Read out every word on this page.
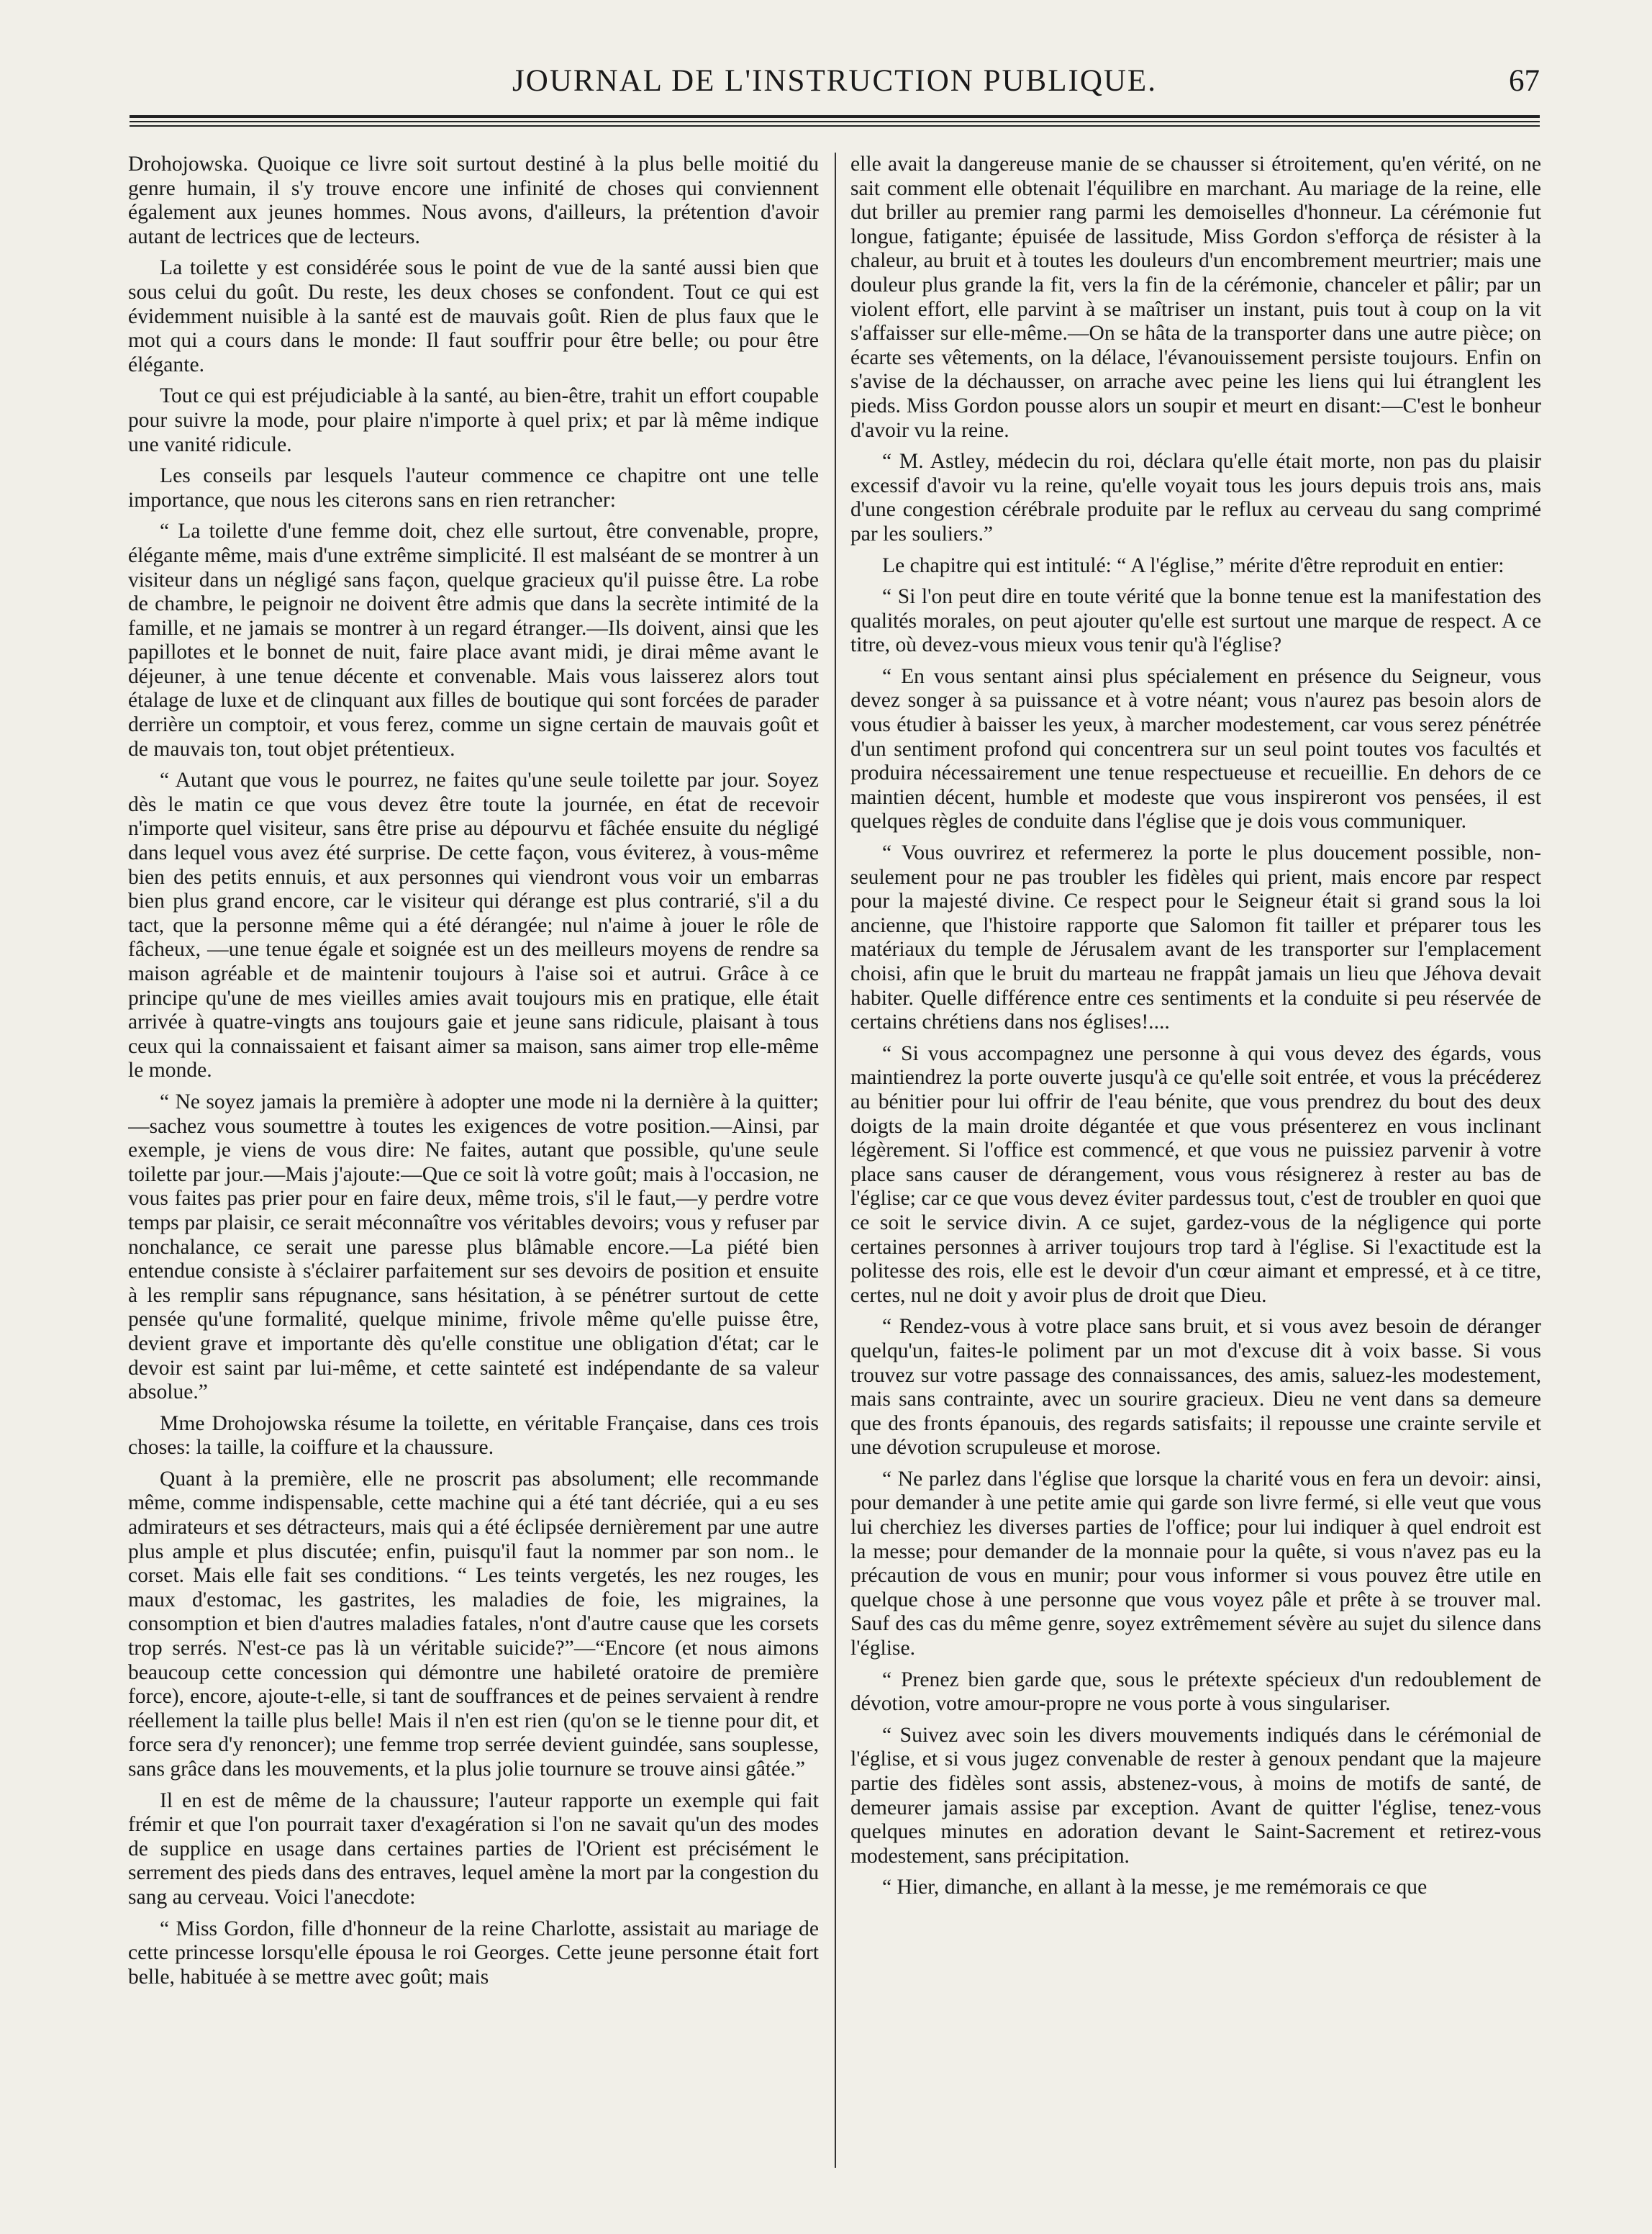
JOURNAL DE L'INSTRUCTION PUBLIQUE.	67

Drohojowska. Quoique ce livre soit surtout destiné à la plus belle moitié du genre humain, il s'y trouve encore une infinité de choses qui conviennent également aux jeunes hommes. Nous avons, d'ailleurs, la prétention d'avoir autant de lectrices que de lecteurs.

La toilette y est considérée sous le point de vue de la santé aussi bien que sous celui du goût. Du reste, les deux choses se confondent. Tout ce qui est évidemment nuisible à la santé est de mauvais goût. Rien de plus faux que le mot qui a cours dans le monde: Il faut souffrir pour être belle; ou pour être élégante.

Tout ce qui est préjudiciable à la santé, au bien-être, trahit un effort coupable pour suivre la mode, pour plaire n'importe à quel prix; et par là même indique une vanité ridicule.

Les conseils par lesquels l'auteur commence ce chapitre ont une telle importance, que nous les citerons sans en rien retrancher:

“ La toilette d'une femme doit, chez elle surtout, être convenable, propre, élégante même, mais d'une extrême simplicité. Il est malséant de se montrer à un visiteur dans un négligé sans façon, quelque gracieux qu'il puisse être. La robe de chambre, le peignoir ne doivent être admis que dans la secrète intimité de la famille, et ne jamais se montrer à un regard étranger.—Ils doivent, ainsi que les papillotes et le bonnet de nuit, faire place avant midi, je dirai même avant le déjeuner, à une tenue décente et convenable. Mais vous laisserez alors tout étalage de luxe et de clinquant aux filles de boutique qui sont forcées de parader derrière un comptoir, et vous ferez, comme un signe certain de mauvais goût et de mauvais ton, tout objet prétentieux.

“ Autant que vous le pourrez, ne faites qu'une seule toilette par jour. Soyez dès le matin ce que vous devez être toute la journée, en état de recevoir n'importe quel visiteur, sans être prise au dépourvu et fâchée ensuite du négligé dans lequel vous avez été surprise. De cette façon, vous éviterez, à vous-même bien des petits ennuis, et aux personnes qui viendront vous voir un embarras bien plus grand encore, car le visiteur qui dérange est plus contrarié, s'il a du tact, que la personne même qui a été dérangée; nul n'aime à jouer le rôle de fâcheux, —une tenue égale et soignée est un des meilleurs moyens de rendre sa maison agréable et de maintenir toujours à l'aise soi et autrui. Grâce à ce principe qu'une de mes vieilles amies avait toujours mis en pratique, elle était arrivée à quatre-vingts ans toujours gaie et jeune sans ridicule, plaisant à tous ceux qui la connaissaient et faisant aimer sa maison, sans aimer trop elle-même le monde.

“ Ne soyez jamais la première à adopter une mode ni la dernière à la quitter;—sachez vous soumettre à toutes les exigences de votre position.—Ainsi, par exemple, je viens de vous dire: Ne faites, autant que possible, qu'une seule toilette par jour.—Mais j'ajoute:—Que ce soit là votre goût; mais à l'occasion, ne vous faites pas prier pour en faire deux, même trois, s'il le faut,—y perdre votre temps par plaisir, ce serait méconnaître vos véritables devoirs; vous y refuser par nonchalance, ce serait une paresse plus blâmable encore.—La piété bien entendue consiste à s'éclairer parfaitement sur ses devoirs de position et ensuite à les remplir sans répugnance, sans hésitation, à se pénétrer surtout de cette pensée qu'une formalité, quelque minime, frivole même qu'elle puisse être, devient grave et importante dès qu'elle constitue une obligation d'état; car le devoir est saint par lui-même, et cette sainteté est indépendante de sa valeur absolue.”

Mme Drohojowska résume la toilette, en véritable Française, dans ces trois choses: la taille, la coiffure et la chaussure.

Quant à la première, elle ne proscrit pas absolument; elle recommande même, comme indispensable, cette machine qui a été tant décriée, qui a eu ses admirateurs et ses détracteurs, mais qui a été éclipsée dernièrement par une autre plus ample et plus discutée; enfin, puisqu'il faut la nommer par son nom.. le corset. Mais elle fait ses conditions. “ Les teints vergetés, les nez rouges, les maux d'estomac, les gastrites, les maladies de foie, les migraines, la consomption et bien d'autres maladies fatales, n'ont d'autre cause que les corsets trop serrés. N'est-ce pas là un véritable suicide?”—“Encore (et nous aimons beaucoup cette concession qui démontre une habileté oratoire de première force), encore, ajoute-t-elle, si tant de souffrances et de peines servaient à rendre réellement la taille plus belle! Mais il n'en est rien (qu'on se le tienne pour dit, et force sera d'y renoncer); une femme trop serrée devient guindée, sans souplesse, sans grâce dans les mouvements, et la plus jolie tournure se trouve ainsi gâtée.”

Il en est de même de la chaussure; l'auteur rapporte un exemple qui fait frémir et que l'on pourrait taxer d'exagération si l'on ne savait qu'un des modes de supplice en usage dans certaines parties de l'Orient est précisément le serrement des pieds dans des entraves, lequel amène la mort par la congestion du sang au cerveau. Voici l'anecdote:

“ Miss Gordon, fille d'honneur de la reine Charlotte, assistait au mariage de cette princesse lorsqu'elle épousa le roi Georges. Cette jeune personne était fort belle, habituée à se mettre avec goût; mais

elle avait la dangereuse manie de se chausser si étroitement, qu'en vérité, on ne sait comment elle obtenait l'équilibre en marchant. Au mariage de la reine, elle dut briller au premier rang parmi les demoiselles d'honneur. La cérémonie fut longue, fatigante; épuisée de lassitude, Miss Gordon s'efforça de résister à la chaleur, au bruit et à toutes les douleurs d'un encombrement meurtrier; mais une douleur plus grande la fit, vers la fin de la cérémonie, chanceler et pâlir; par un violent effort, elle parvint à se maîtriser un instant, puis tout à coup on la vit s'affaisser sur elle-même.—On se hâta de la transporter dans une autre pièce; on écarte ses vêtements, on la délace, l'évanouissement persiste toujours. Enfin on s'avise de la déchausser, on arrache avec peine les liens qui lui étranglent les pieds. Miss Gordon pousse alors un soupir et meurt en disant:—C'est le bonheur d'avoir vu la reine.

“ M. Astley, médecin du roi, déclara qu'elle était morte, non pas du plaisir excessif d'avoir vu la reine, qu'elle voyait tous les jours depuis trois ans, mais d'une congestion cérébrale produite par le reflux au cerveau du sang comprimé par les souliers.”

Le chapitre qui est intitulé: “ A l'église,” mérite d'être reproduit en entier:

“ Si l'on peut dire en toute vérité que la bonne tenue est la manifestation des qualités morales, on peut ajouter qu'elle est surtout une marque de respect. A ce titre, où devez-vous mieux vous tenir qu'à l'église?

“ En vous sentant ainsi plus spécialement en présence du Seigneur, vous devez songer à sa puissance et à votre néant; vous n'aurez pas besoin alors de vous étudier à baisser les yeux, à marcher modestement, car vous serez pénétrée d'un sentiment profond qui concentrera sur un seul point toutes vos facultés et produira nécessairement une tenue respectueuse et recueillie. En dehors de ce maintien décent, humble et modeste que vous inspireront vos pensées, il est quelques règles de conduite dans l'église que je dois vous communiquer.

“ Vous ouvrirez et refermerez la porte le plus doucement possible, non-seulement pour ne pas troubler les fidèles qui prient, mais encore par respect pour la majesté divine. Ce respect pour le Seigneur était si grand sous la loi ancienne, que l'histoire rapporte que Salomon fit tailler et préparer tous les matériaux du temple de Jérusalem avant de les transporter sur l'emplacement choisi, afin que le bruit du marteau ne frappât jamais un lieu que Jéhova devait habiter. Quelle différence entre ces sentiments et la conduite si peu réservée de certains chrétiens dans nos églises!....

“ Si vous accompagnez une personne à qui vous devez des égards, vous maintiendrez la porte ouverte jusqu'à ce qu'elle soit entrée, et vous la précéderez au bénitier pour lui offrir de l'eau bénite, que vous prendrez du bout des deux doigts de la main droite dégantée et que vous présenterez en vous inclinant légèrement. Si l'office est commencé, et que vous ne puissiez parvenir à votre place sans causer de dérangement, vous vous résignerez à rester au bas de l'église; car ce que vous devez éviter pardessus tout, c'est de troubler en quoi que ce soit le service divin. A ce sujet, gardez-vous de la négligence qui porte certaines personnes à arriver toujours trop tard à l'église. Si l'exactitude est la politesse des rois, elle est le devoir d'un cœur aimant et empressé, et à ce titre, certes, nul ne doit y avoir plus de droit que Dieu.

“ Rendez-vous à votre place sans bruit, et si vous avez besoin de déranger quelqu'un, faites-le poliment par un mot d'excuse dit à voix basse. Si vous trouvez sur votre passage des connaissances, des amis, saluez-les modestement, mais sans contrainte, avec un sourire gracieux. Dieu ne vent dans sa demeure que des fronts épanouis, des regards satisfaits; il repousse une crainte servile et une dévotion scrupuleuse et morose.

“ Ne parlez dans l'église que lorsque la charité vous en fera un devoir: ainsi, pour demander à une petite amie qui garde son livre fermé, si elle veut que vous lui cherchiez les diverses parties de l'office; pour lui indiquer à quel endroit est la messe; pour demander de la monnaie pour la quête, si vous n'avez pas eu la précaution de vous en munir; pour vous informer si vous pouvez être utile en quelque chose à une personne que vous voyez pâle et prête à se trouver mal. Sauf des cas du même genre, soyez extrêmement sévère au sujet du silence dans l'église.

“ Prenez bien garde que, sous le prétexte spécieux d'un redoublement de dévotion, votre amour-propre ne vous porte à vous singulariser.

“ Suivez avec soin les divers mouvements indiqués dans le cérémonial de l'église, et si vous jugez convenable de rester à genoux pendant que la majeure partie des fidèles sont assis, abstenez-vous, à moins de motifs de santé, de demeurer jamais assise par exception. Avant de quitter l'église, tenez-vous quelques minutes en adoration devant le Saint-Sacrement et retirez-vous modestement, sans précipitation.

“ Hier, dimanche, en allant à la messe, je me remémorais ce que
